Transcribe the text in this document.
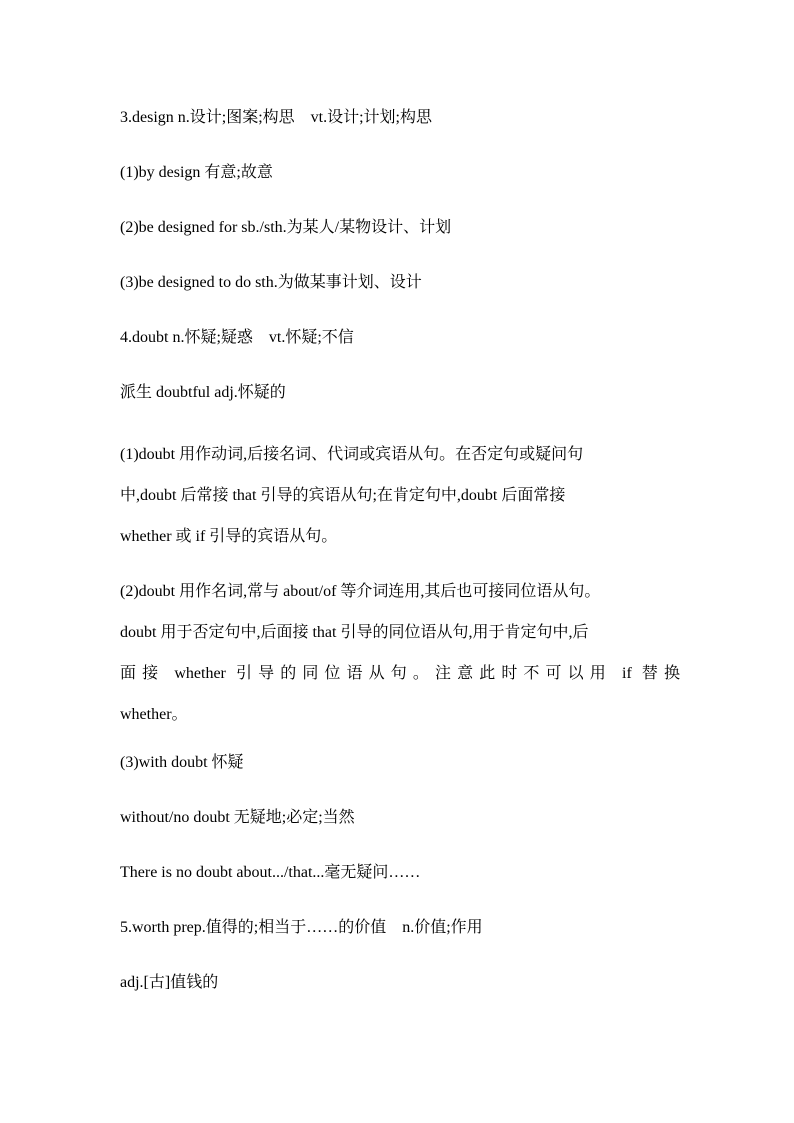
3.design n.设计;图案;构思　vt.设计;计划;构思

(1)by design 有意;故意

(2)be designed for sb./sth.为某人/某物设计、计划

(3)be designed to do sth.为做某事计划、设计

4.doubt n.怀疑;疑惑　vt.怀疑;不信

派生 doubtful adj.怀疑的

(1)doubt 用作动词,后接名词、代词或宾语从句。在否定句或疑问句
中,doubt 后常接 that 引导的宾语从句;在肯定句中,doubt 后面常接
whether 或 if 引导的宾语从句。

(2)doubt 用作名词,常与 about/of 等介词连用,其后也可接同位语从句。
doubt 用于否定句中,后面接 that 引导的同位语从句,用于肯定句中,后
面接 whether 引导的同位语从句。注意此时不可以用 if 替换
whether。

(3)with doubt 怀疑

without/no doubt 无疑地;必定;当然

There is no doubt about.../that...毫无疑问……

5.worth prep.值得的;相当于……的价值　n.价值;作用

adj.[古]值钱的
